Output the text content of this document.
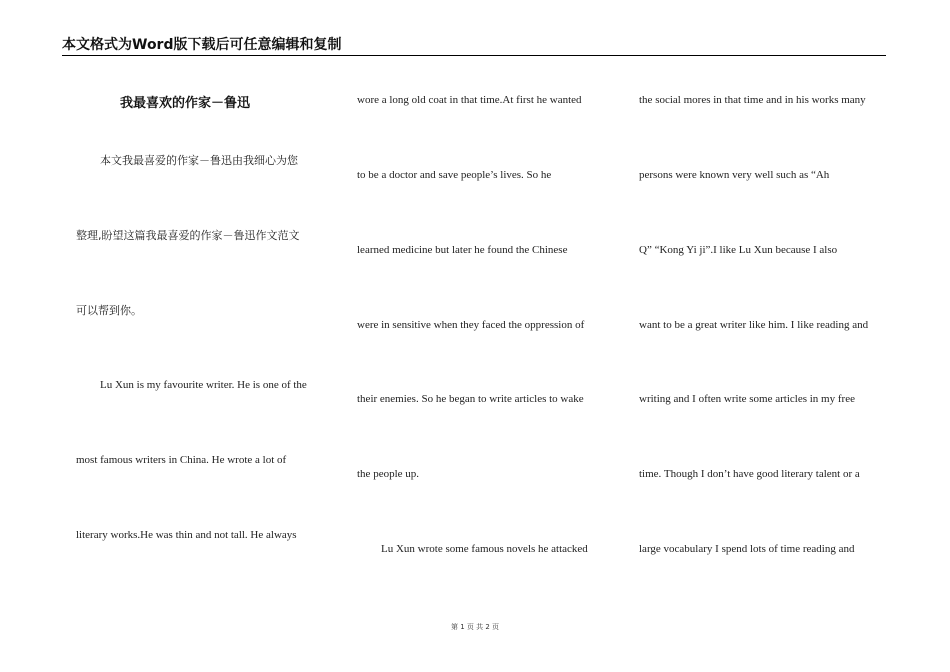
本文格式为Word版下载后可任意编辑和复制
我最喜欢的作家－鲁迅
本文我最喜爱的作家－鲁迅由我细心为您
整理,盼望这篇我最喜爱的作家－鲁迅作文范文
可以帮到你。
Lu Xun is my favourite writer. He is one of the
most famous writers in China. He wrote a lot of
literary works.He was thin and not tall. He always
wore a long old coat in that time.At first he wanted
to be a doctor and save people’s lives. So he
learned medicine but later he found the Chinese
were in sensitive when they faced the oppression of
their enemies. So he began to write articles to wake
the people up.
Lu Xun wrote some famous novels he attacked
the social mores in that time and in his works many
persons were known very well such as “Ah
Q” “Kong Yi ji”.I like Lu Xun because I also
want to be a great writer like him. I like reading and
writing and I often write some articles in my free
time. Though I don’t have good literary talent or a
large vocabulary I spend lots of time reading and
第 1 页 共 2 页
